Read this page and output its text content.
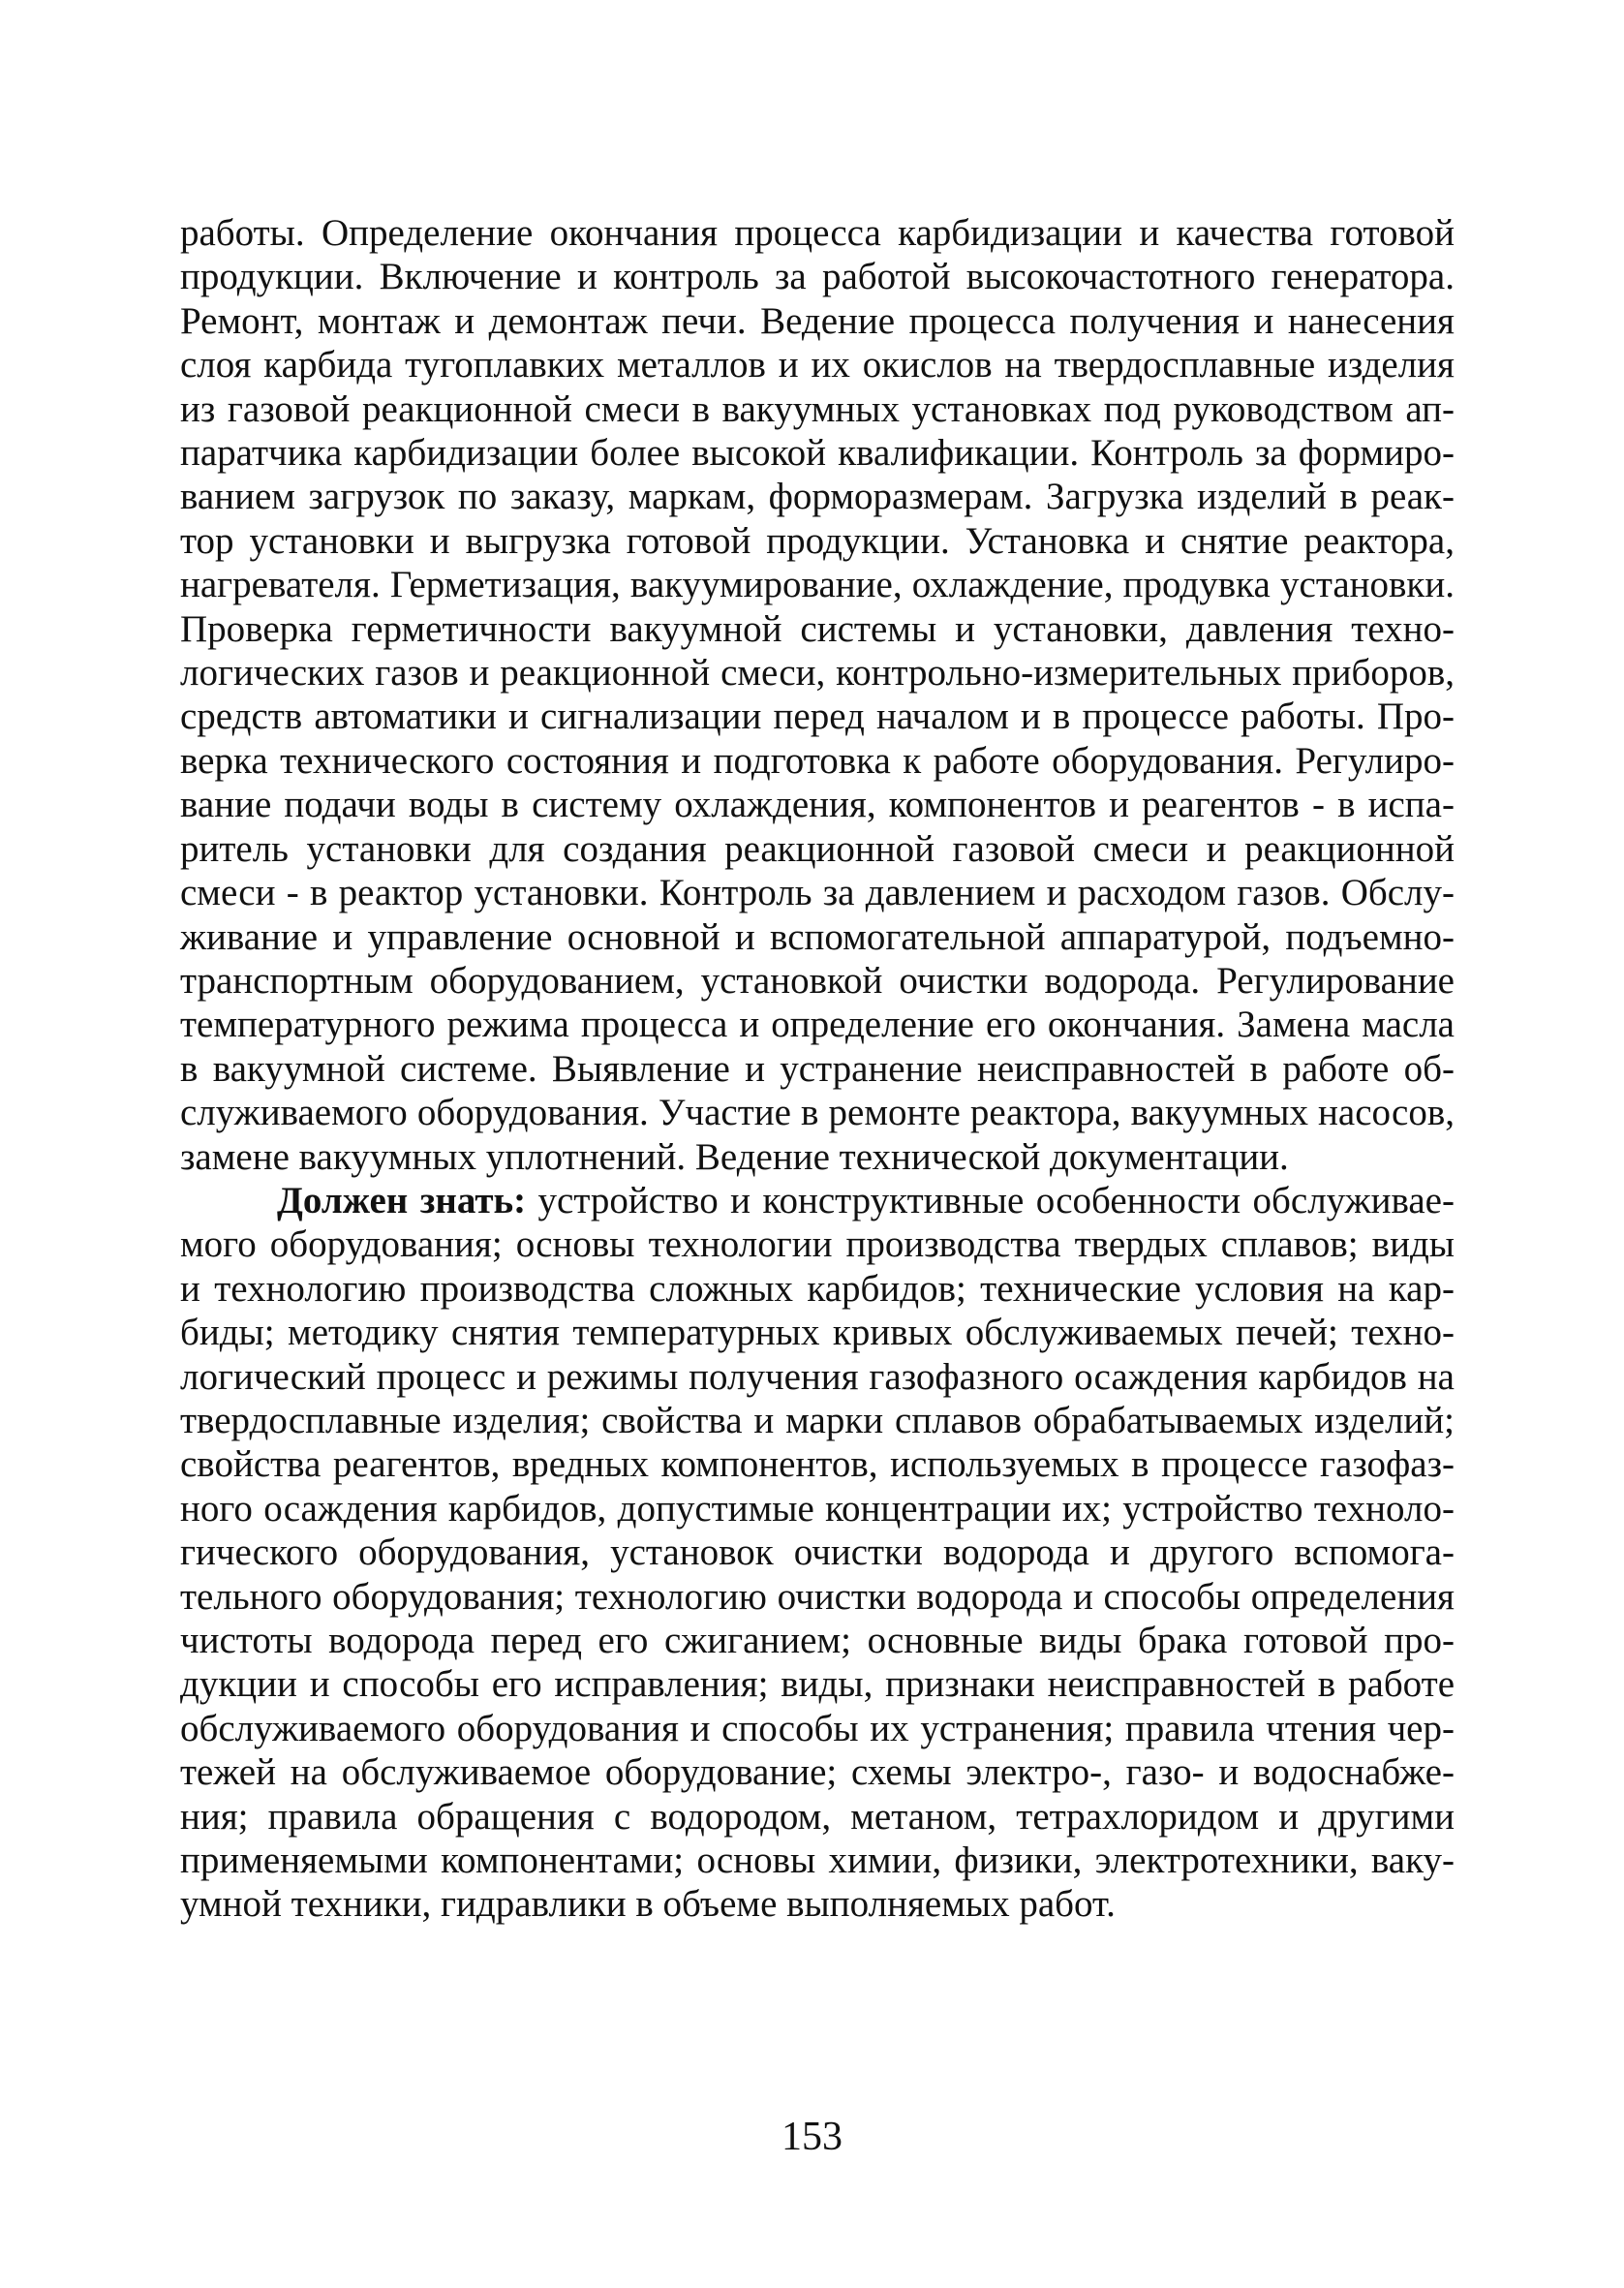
работы. Определение окончания процесса карбидизации и качества готовой продукции. Включение и контроль за работой высокочастотного генератора. Ремонт, монтаж и демонтаж печи. Ведение процесса получения и нанесения слоя карбида тугоплавких металлов и их окислов на твердосплавные изделия из газовой реакционной смеси в вакуумных установках под руководством аппаратчика карбидизации более высокой квалификации. Контроль за формированием загрузок по заказу, маркам, форморазмерам. Загрузка изделий в реактор установки и выгрузка готовой продукции. Установка и снятие реактора, нагревателя. Герметизация, вакуумирование, охлаждение, продувка установки. Проверка герметичности вакуумной системы и установки, давления технологических газов и реакционной смеси, контрольно-измерительных приборов, средств автоматики и сигнализации перед началом и в процессе работы. Проверка технического состояния и подготовка к работе оборудования. Регулирование подачи воды в систему охлаждения, компонентов и реагентов - в испаритель установки для создания реакционной газовой смеси и реакционной смеси - в реактор установки. Контроль за давлением и расходом газов. Обслуживание и управление основной и вспомогательной аппаратурой, подъемно-транспортным оборудованием, установкой очистки водорода. Регулирование температурного режима процесса и определение его окончания. Замена масла в вакуумной системе. Выявление и устранение неисправностей в работе обслуживаемого оборудования. Участие в ремонте реактора, вакуумных насосов, замене вакуумных уплотнений. Ведение технической документации.

Должен знать: устройство и конструктивные особенности обслуживаемого оборудования; основы технологии производства твердых сплавов; виды и технологию производства сложных карбидов; технические условия на карбиды; методику снятия температурных кривых обслуживаемых печей; технологический процесс и режимы получения газофазного осаждения карбидов на твердосплавные изделия; свойства и марки сплавов обрабатываемых изделий; свойства реагентов, вредных компонентов, используемых в процессе газофазного осаждения карбидов, допустимые концентрации их; устройство технологического оборудования, установок очистки водорода и другого вспомогательного оборудования; технологию очистки водорода и способы определения чистоты водорода перед его сжиганием; основные виды брака готовой продукции и способы его исправления; виды, признаки неисправностей в работе обслуживаемого оборудования и способы их устранения; правила чтения чертежей на обслуживаемое оборудование; схемы электро-, газо- и водоснабжения; правила обращения с водородом, метаном, тетрахлоридом и другими применяемыми компонентами; основы химии, физики, электротехники, вакуумной техники, гидравлики в объеме выполняемых работ.

153
